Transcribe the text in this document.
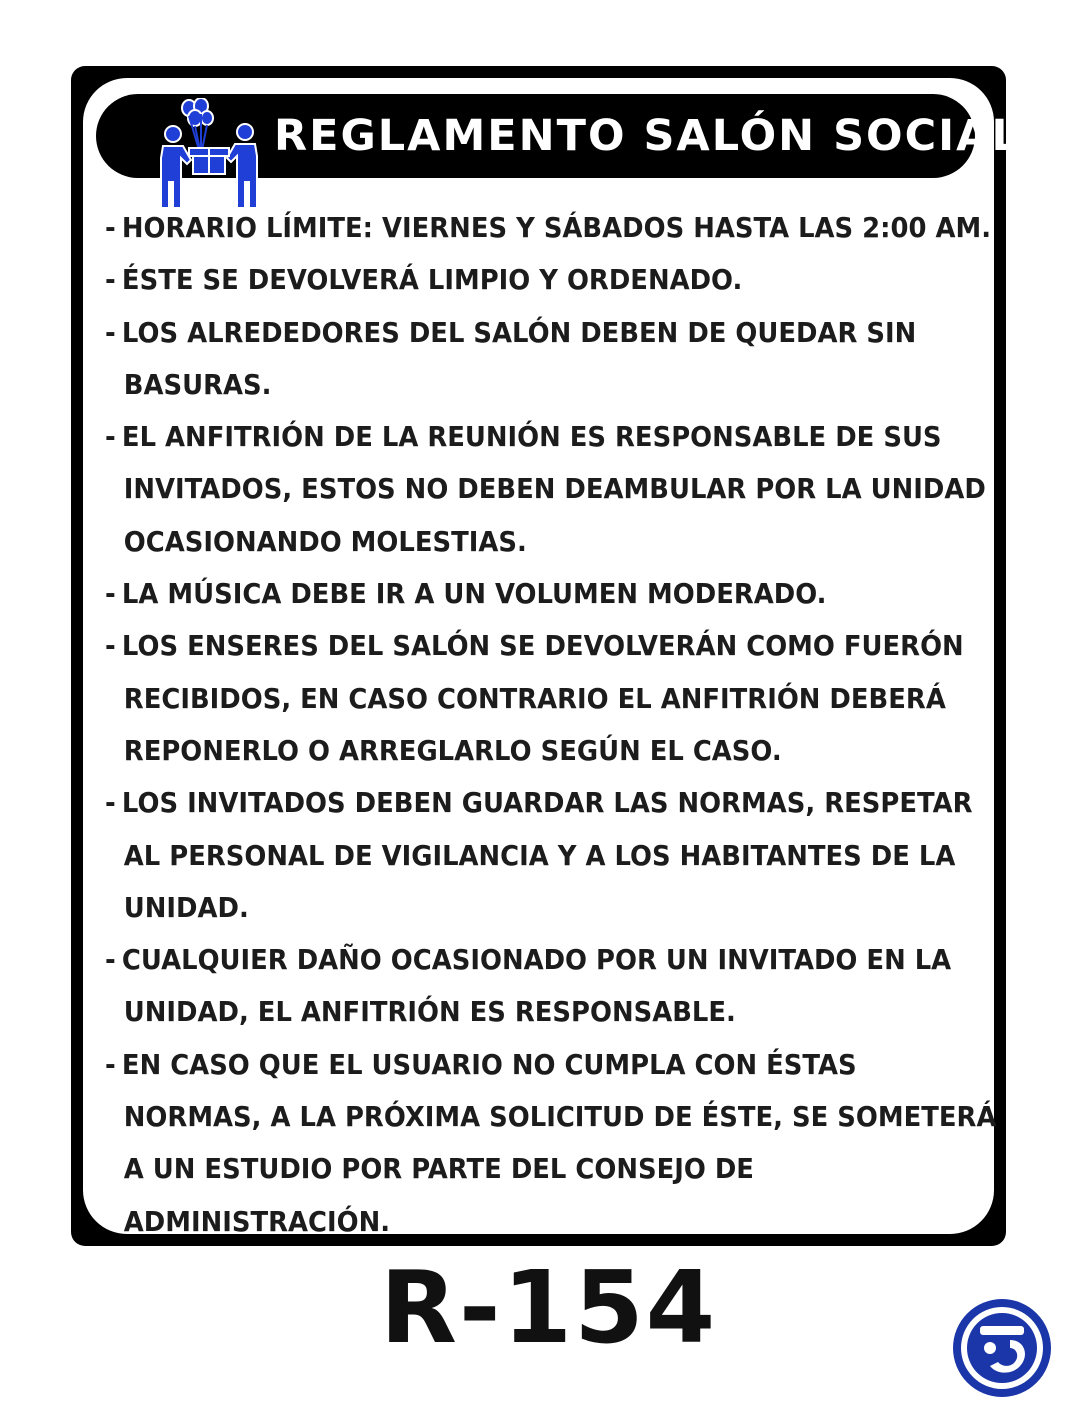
REGLAMENTO SALÓN SOCIAL
- HORARIO LÍMITE: VIERNES Y SÁBADOS HASTA LAS 2:00 AM.
- ÉSTE SE DEVOLVERÁ LIMPIO Y ORDENADO.
- LOS ALREDEDORES DEL SALÓN DEBEN DE QUEDAR SIN
BASURAS.
- EL ANFITRIÓN DE LA REUNIÓN ES RESPONSABLE DE SUS
INVITADOS, ESTOS NO DEBEN DEAMBULAR POR LA UNIDAD
OCASIONANDO MOLESTIAS.
- LA MÚSICA DEBE IR A UN VOLUMEN MODERADO.
- LOS ENSERES DEL SALÓN SE DEVOLVERÁN COMO FUERÓN
RECIBIDOS, EN CASO CONTRARIO EL ANFITRIÓN DEBERÁ
REPONERLO O ARREGLARLO SEGÚN EL CASO.
- LOS INVITADOS DEBEN GUARDAR LAS NORMAS, RESPETAR
AL PERSONAL DE VIGILANCIA Y A LOS HABITANTES DE LA
UNIDAD.
- CUALQUIER DAÑO OCASIONADO POR UN INVITADO EN LA
UNIDAD, EL ANFITRIÓN ES RESPONSABLE.
- EN CASO QUE EL USUARIO NO CUMPLA CON ÉSTAS
NORMAS, A LA PRÓXIMA SOLICITUD DE ÉSTE, SE SOMETERÁ
A UN ESTUDIO POR PARTE DEL CONSEJO DE
ADMINISTRACIÓN.
R-154
